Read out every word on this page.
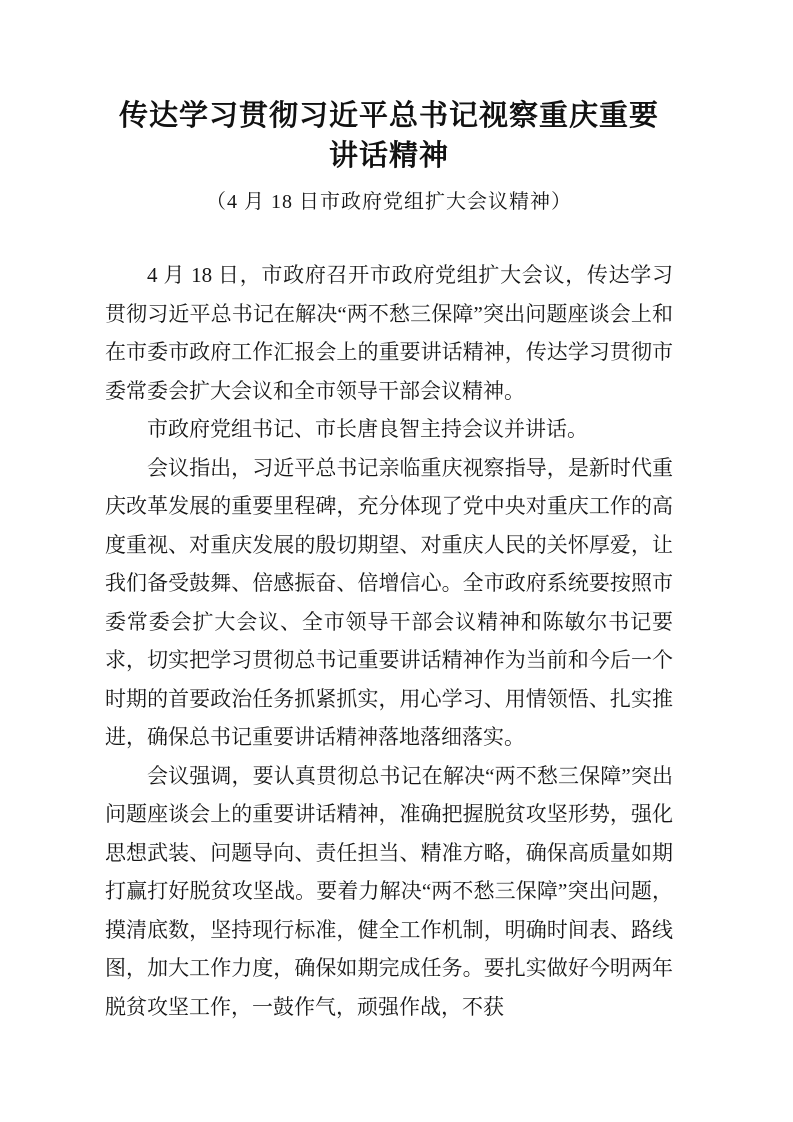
传达学习贯彻习近平总书记视察重庆重要讲话精神
（4 月 18 日市政府党组扩大会议精神）

4 月 18 日，市政府召开市政府党组扩大会议，传达学习贯彻习近平总书记在解决“两不愁三保障”突出问题座谈会上和在市委市政府工作汇报会上的重要讲话精神，传达学习贯彻市委常委会扩大会议和全市领导干部会议精神。

市政府党组书记、市长唐良智主持会议并讲话。

会议指出，习近平总书记亲临重庆视察指导，是新时代重庆改革发展的重要里程碑，充分体现了党中央对重庆工作的高度重视、对重庆发展的殷切期望、对重庆人民的关怀厚爱，让我们备受鼓舞、倍感振奋、倍增信心。全市政府系统要按照市委常委会扩大会议、全市领导干部会议精神和陈敏尔书记要求，切实把学习贯彻总书记重要讲话精神作为当前和今后一个时期的首要政治任务抓紧抓实，用心学习、用情领悟、扎实推进，确保总书记重要讲话精神落地落细落实。

会议强调，要认真贯彻总书记在解决“两不愁三保障”突出问题座谈会上的重要讲话精神，准确把握脱贫攻坚形势，强化思想武装、问题导向、责任担当、精准方略，确保高质量如期打赢打好脱贫攻坚战。要着力解决“两不愁三保障”突出问题，摸清底数，坚持现行标准，健全工作机制，明确时间表、路线图，加大工作力度，确保如期完成任务。要扎实做好今明两年脱贫攻坚工作，一鼓作气，顽强作战，不获
